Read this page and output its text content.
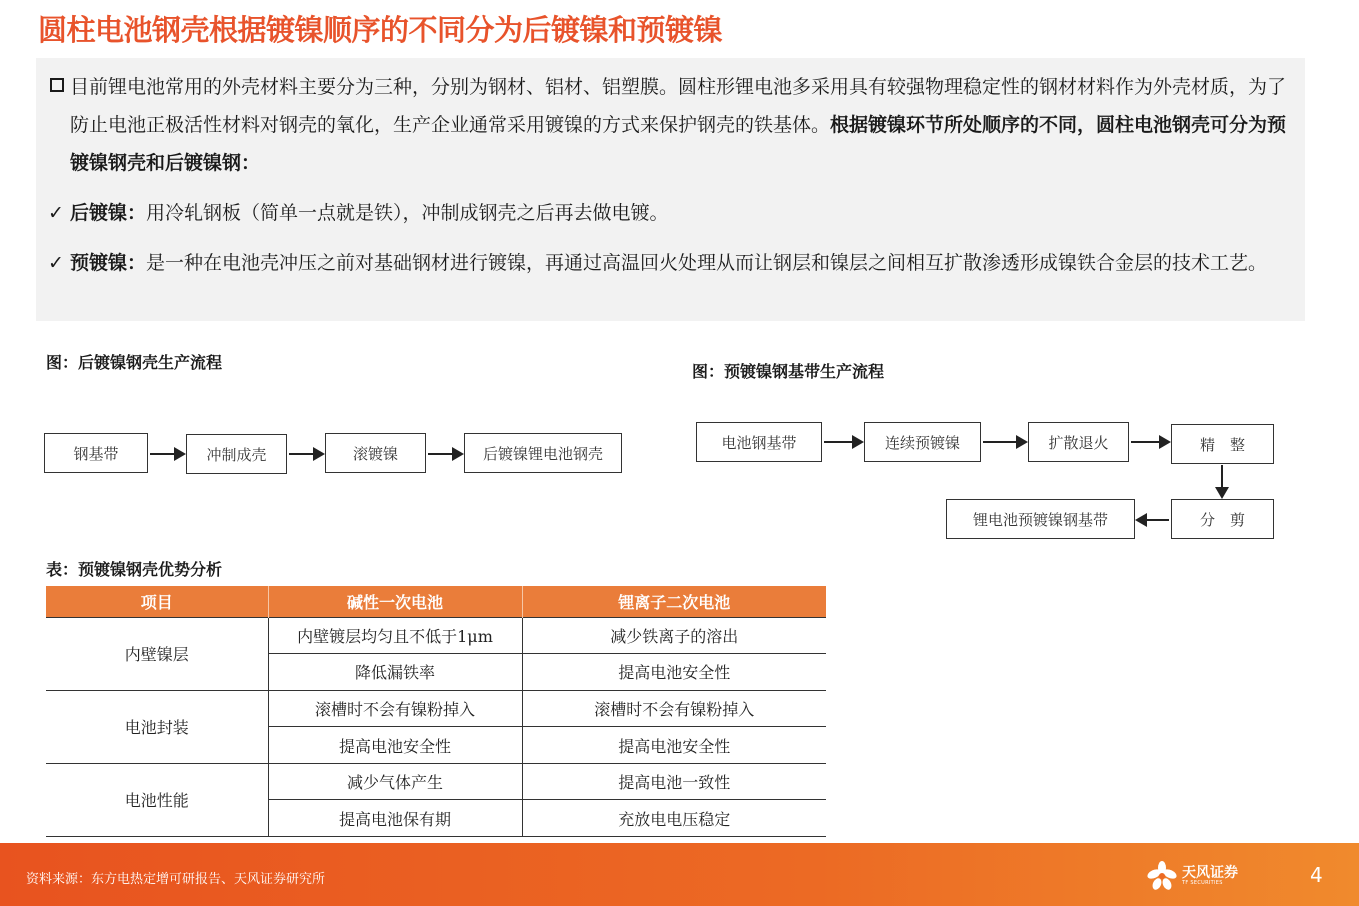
圆柱电池钢壳根据镀镍顺序的不同分为后镀镍和预镀镍
目前锂电池常用的外壳材料主要分为三种，分别为钢材、铝材、铝塑膜。圆柱形锂电池多采用具有较强物理稳定性的钢材材料作为外壳材质，为了防止电池正极活性材料对钢壳的氧化，生产企业通常采用镀镍的方式来保护钢壳的铁基体。根据镀镍环节所处顺序的不同，圆柱电池钢壳可分为预镀镍钢壳和后镀镍钢：
✓ 后镀镍：用冷轧钢板（简单一点就是铁），冲制成钢壳之后再去做电镀。
✓ 预镀镍：是一种在电池壳冲压之前对基础钢材进行镀镍，再通过高温回火处理从而让钢层和镍层之间相互扩散渗透形成镍铁合金层的技术工艺。
图：后镀镍钢壳生产流程
钢基带	冲制成壳	滚镀镍	后镀镍锂电池钢壳
图：预镀镍钢基带生产流程
电池钢基带	连续预镀镍	扩散退火	精　整
分　剪
锂电池预镀镍钢基带
表：预镀镍钢壳优势分析
项目	碱性一次电池	锂离子二次电池
内壁镍层	内壁镀层均匀且不低于1μm	减少铁离子的溶出
	降低漏铁率	提高电池安全性
电池封装	滚槽时不会有镍粉掉入	滚槽时不会有镍粉掉入
	提高电池安全性	提高电池安全性
电池性能	减少气体产生	提高电池一致性
	提高电池保有期	充放电电压稳定
资料来源：东方电热定增可研报告、天风证券研究所	天风证券
TF SECURITIES	4
